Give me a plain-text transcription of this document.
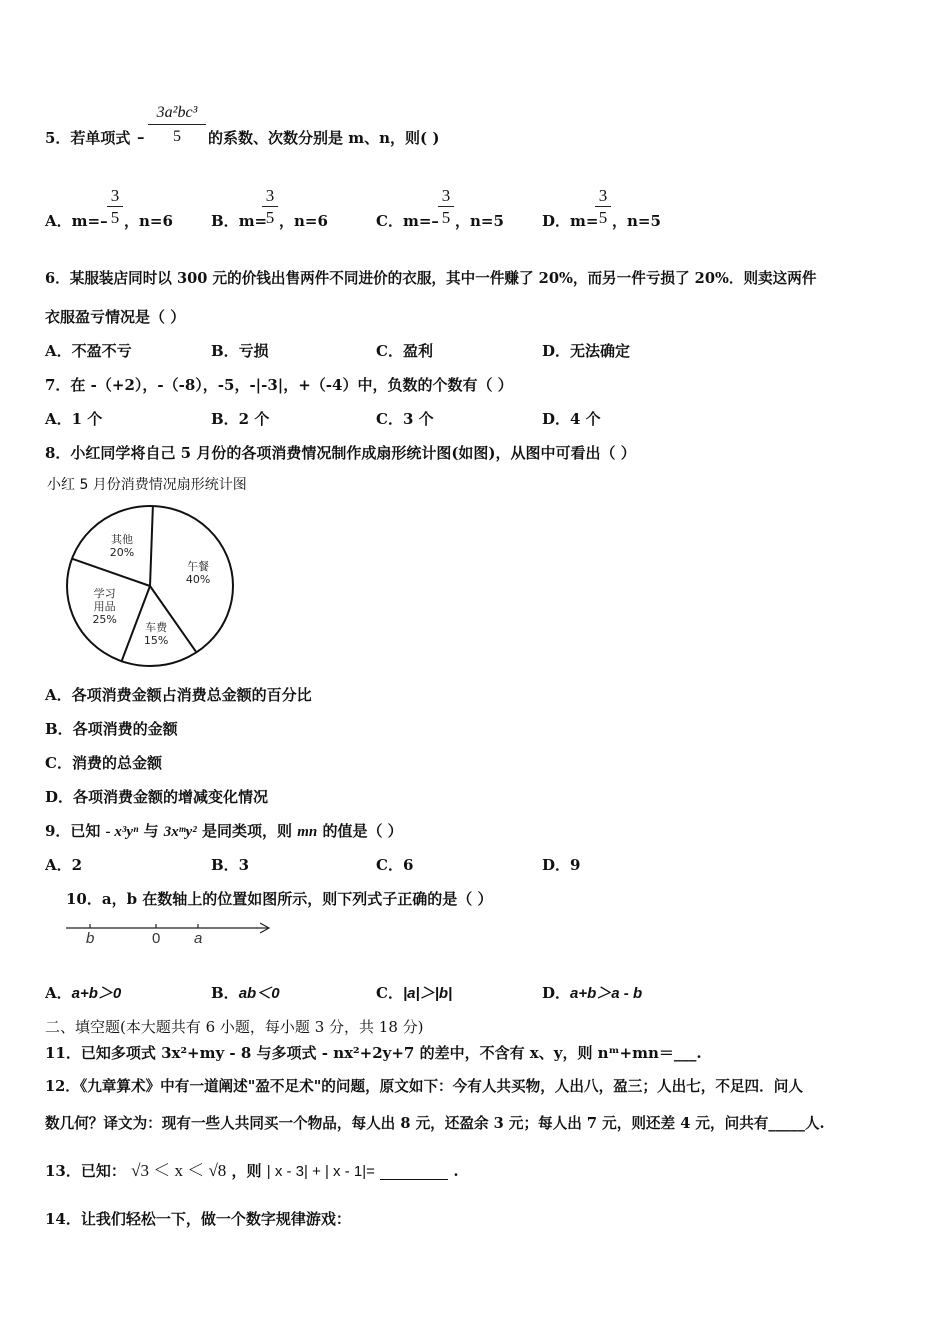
5．若单项式 –
3a²bc³
5	的系数、次数分别是 m、n，则( )
A．m=–
3
5 ，n=6	B．m=
3
5 ，n=6	C．m=–
3
5 ，n=5	D．m=
3
5 ，n=5
6．某服装店同时以 300 元的价钱出售两件不同进价的衣服，其中一件赚了 20%，而另一件亏损了 20%．则卖这两件
衣服盈亏情况是（ ）
A．不盈不亏	B．亏损	C．盈利	D．无法确定
7．在 -（+2），-（-8），-5，-|-3|，+（-4）中，负数的个数有（ ）
A．1 个	B．2 个	C．3 个	D．4 个
8．小红同学将自己 5 月份的各项消费情况制作成扇形统计图(如图)，从图中可看出（ ）
小红 5 月份消费情况扇形统计图
午餐
40%
车费
15%
学习用品
25%
其他
20%
A．各项消费金额占消费总金额的百分比
B．各项消费的金额
C．消费的总金额
D．各项消费金额的增减变化情况
9．已知 - x³yⁿ 与 3xᵐy² 是同类项，则 mn 的值是（ ）
A．2	B．3	C．6	D．9
10．a，b 在数轴上的位置如图所示，则下列式子正确的是（ ）
b	0 a
A．a+b＞0	B．ab＜0	C．|a|＞|b|	D．a+b＞a - b
二、填空题(本大题共有 6 小题，每小题 3 分，共 18 分)
11．已知多项式 3x²+my - 8 与多项式 - nx²+2y+7 的差中，不含有 x、y，则 nᵐ+mn＝___.
12．《九章算术》中有一道阐述"盈不足术"的问题，原文如下：今有人共买物，人出八，盈三；人出七，不足四．问人
数几何？译文为：现有一些人共同买一个物品，每人出 8 元，还盈余 3 元；每人出 7 元，则还差 4 元，问共有_____人.
13．已知： √3 ＜ x ＜ √8 ，则 | x - 3| + | x - 1|=	.
14．让我们轻松一下，做一个数字规律游戏：
